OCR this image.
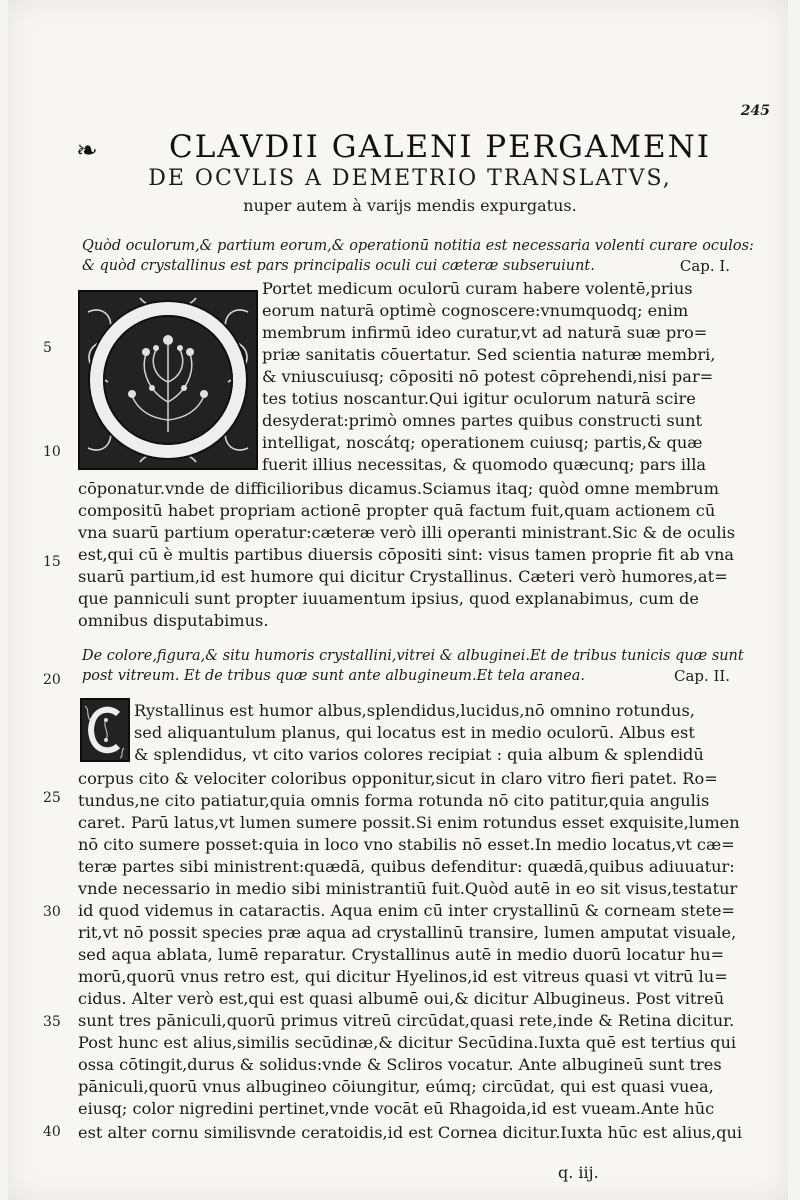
245
❧	CLAVDII GALENI PERGAMENI
DE OCVLIS A DEMETRIO TRANSLATVS,
nuper autem à varijs mendis expurgatus.
Quòd oculorum,& partium eorum,& operationū notitia est necessaria volenti curare oculos:
Cap. I.
& quòd crystallinus est pars principalis oculi cui cæteræ subseruiunt.
Portet medicum oculorū curam habere volentē,prius
eorum naturā optimè cognoscere:vnumquodq; enim
membrum infirmū ideo curatur,vt ad naturā suæ pro=
priæ sanitatis cōuertatur. Sed scientia naturæ membri,
& vniuscuiusq; cōpositi nō potest cōprehendi,nisi par=
tes totius noscantur.Qui igitur oculorum naturā scire
desyderat:primò omnes partes quibus constructi sunt
intelligat, noscátq; operationem cuiusq; partis,& quæ
fuerit illius necessitas, & quomodo quæcunq; pars illa
cōponatur.vnde de difficilioribus dicamus.Sciamus itaq; quòd omne membrum
compositū habet propriam actionē propter quā factum fuit,quam actionem cū
vna suarū partium operatur:cæteræ verò illi operanti ministrant.Sic & de oculis
est,qui cū è multis partibus diuersis cōpositi sint: visus tamen proprie fit ab vna
suarū partium,id est humore qui dicitur Crystallinus. Cæteri verò humores,at=
que panniculi sunt propter iuuamentum ipsius, quod explanabimus, cum de
omnibus disputabimus.
De colore,figura,& situ humoris crystallini,vitrei & albuginei.Et de tribus tunicis quæ sunt
Cap. II.
post vitreum. Et de tribus quæ sunt ante albugineum.Et tela aranea.
Rystallinus est humor albus,splendidus,lucidus,nō omnino rotundus,
sed aliquantulum planus, qui locatus est in medio oculorū. Albus est
& splendidus, vt cito varios colores recipiat : quia album & splendidū
corpus cito & velociter coloribus opponitur,sicut in claro vitro fieri patet. Ro=
tundus,ne cito patiatur,quia omnis forma rotunda nō cito patitur,quia angulis
caret. Parū latus,vt lumen sumere possit.Si enim rotundus esset exquisite,lumen
nō cito sumere posset:quia in loco vno stabilis nō esset.In medio locatus,vt cæ=
teræ partes sibi ministrent:quædā, quibus defenditur: quædā,quibus adiuuatur:
vnde necessario in medio sibi ministrantiū fuit.Quòd autē in eo sit visus,testatur
id quod videmus in cataractis. Aqua enim cū inter crystallinū & corneam stete=
rit,vt nō possit species præ aqua ad crystallinū transire, lumen amputat visuale,
sed aqua ablata, lumē reparatur. Crystallinus autē in medio duorū locatur hu=
morū,quorū vnus retro est, qui dicitur Hyelinos,id est vitreus quasi vt vitrū lu=
cidus. Alter verò est,qui est quasi albumē oui,& dicitur Albugineus. Post vitreū
sunt tres pāniculi,quorū primus vitreū circūdat,quasi rete,inde & Retina dicitur.
Post hunc est alius,similis secūdinæ,& dicitur Secūdina.Iuxta quē est tertius qui
ossa cōtingit,durus & solidus:vnde & Scliros vocatur. Ante albugineū sunt tres
pāniculi,quorū vnus albugineo cōiungitur, eúmq; circūdat, qui est quasi vuea,
eiusq; color nigredini pertinet,vnde vocāt eū Rhagoida,id est vueam.Ante hūc
est alter cornu similisvnde ceratoidis,id est Cornea dicitur.Iuxta hūc est alius,qui
5
10
15
20
25
30
35
40
q. iij.
